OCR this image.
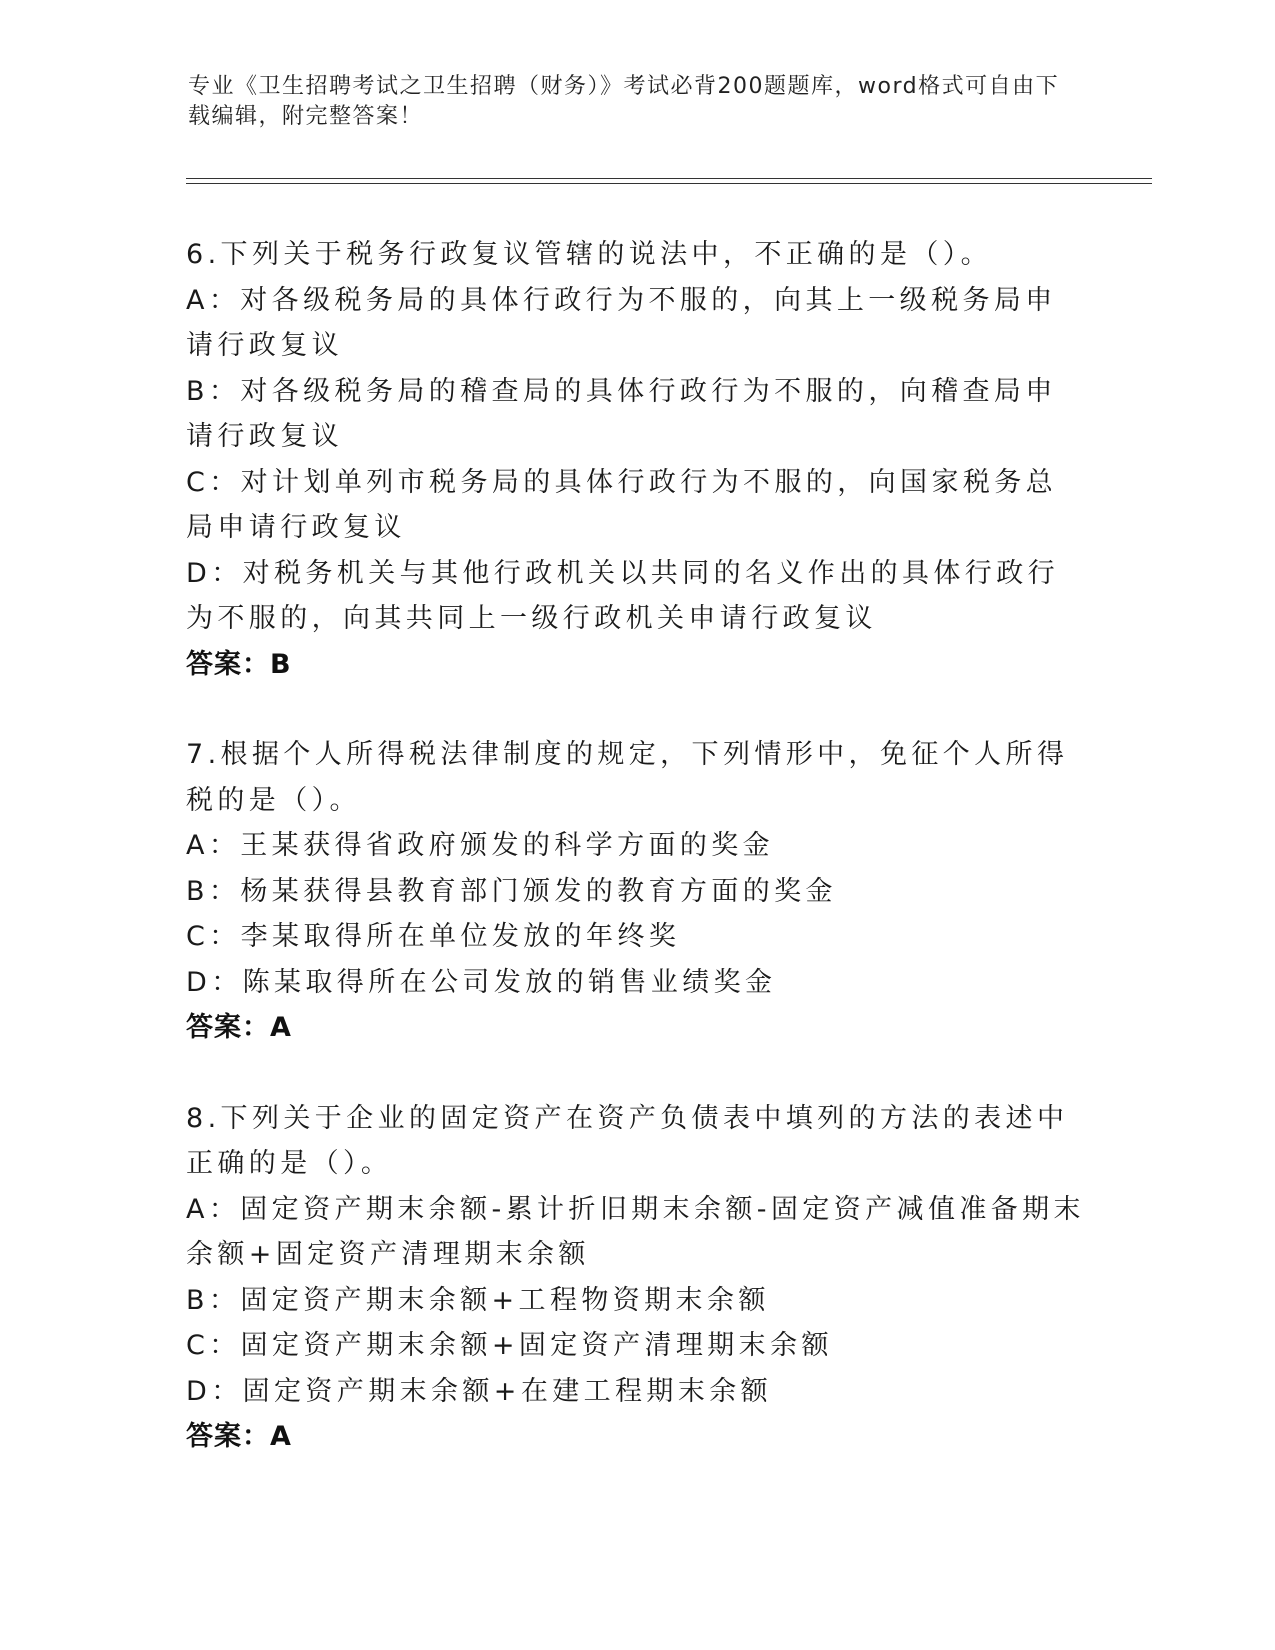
专业《卫生招聘考试之卫生招聘（财务）》考试必背200题题库，word格式可自由下载编辑，附完整答案！

6.下列关于税务行政复议管辖的说法中，不正确的是（）。

A：对各级税务局的具体行政行为不服的，向其上一级税务局申请行政复议

B：对各级税务局的稽查局的具体行政行为不服的，向稽查局申请行政复议

C：对计划单列市税务局的具体行政行为不服的，向国家税务总局申请行政复议

D：对税务机关与其他行政机关以共同的名义作出的具体行政行为不服的，向其共同上一级行政机关申请行政复议

答案：B

7.根据个人所得税法律制度的规定，下列情形中，免征个人所得税的是（）。

A：王某获得省政府颁发的科学方面的奖金

B：杨某获得县教育部门颁发的教育方面的奖金

C：李某取得所在单位发放的年终奖

D：陈某取得所在公司发放的销售业绩奖金

答案：A

8.下列关于企业的固定资产在资产负债表中填列的方法的表述中正确的是（）。

A：固定资产期末余额-累计折旧期末余额-固定资产减值准备期末余额+固定资产清理期末余额

B：固定资产期末余额+工程物资期末余额

C：固定资产期末余额+固定资产清理期末余额

D：固定资产期末余额+在建工程期末余额

答案：A
